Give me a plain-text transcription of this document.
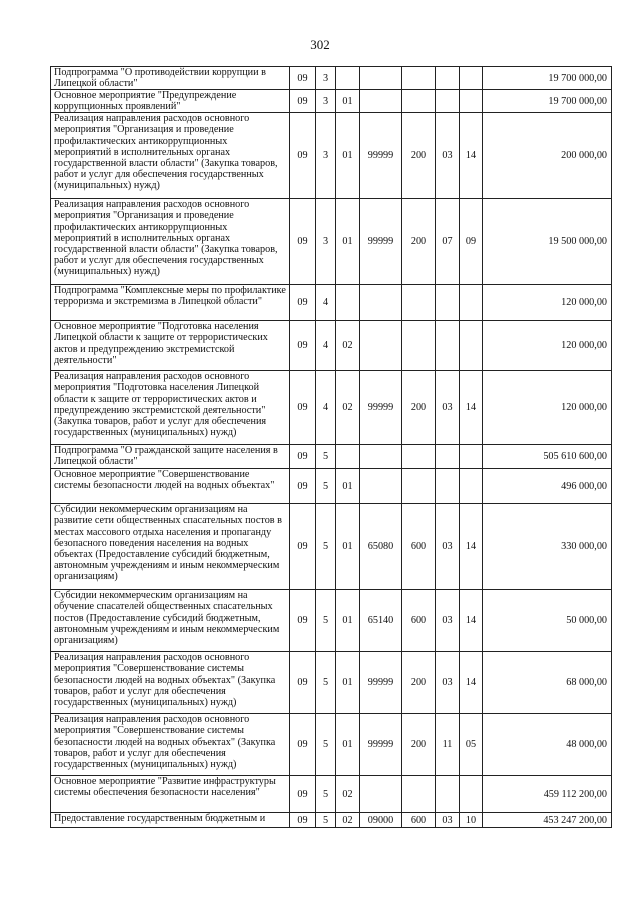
302
Подпрограмма "О противодействии коррупции в Липецкой области"	09	3						19 700 000,00
Основное мероприятие "Предупреждение коррупционных проявлений"	09	3	01					19 700 000,00
Реализация направления расходов основного мероприятия "Организация и проведение профилактических антикоррупционных мероприятий в исполнительных органах государственной власти области" (Закупка товаров, работ и услуг для обеспечения государственных (муниципальных) нужд)	09	3	01	99999	200	03	14	200 000,00
Реализация направления расходов основного мероприятия "Организация и проведение профилактических антикоррупционных мероприятий в исполнительных органах государственной власти области" (Закупка товаров, работ и услуг для обеспечения государственных (муниципальных) нужд)	09	3	01	99999	200	07	09	19 500 000,00
Подпрограмма "Комплексные меры по профилактике терроризма и экстремизма в Липецкой области"	09	4						120 000,00
Основное мероприятие "Подготовка населения Липецкой области к защите от террористических актов и предупреждению экстремистской деятельности"	09	4	02					120 000,00
Реализация направления расходов основного мероприятия "Подготовка населения Липецкой области к защите от террористических актов и предупреждению экстремистской деятельности" (Закупка товаров, работ и услуг для обеспечения государственных (муниципальных) нужд)	09	4	02	99999	200	03	14	120 000,00
Подпрограмма "О гражданской защите населения в Липецкой области"	09	5						505 610 600,00
Основное мероприятие "Совершенствование системы безопасности людей на водных объектах"	09	5	01					496 000,00
Субсидии некоммерческим организациям на развитие сети общественных спасательных постов в местах массового отдыха населения и пропаганду безопасного поведения населения на водных объектах (Предоставление субсидий бюджетным, автономным учреждениям и иным некоммерческим организациям)	09	5	01	65080	600	03	14	330 000,00
Субсидии некоммерческим организациям на обучение спасателей общественных спасательных постов (Предоставление субсидий бюджетным, автономным учреждениям и иным некоммерческим организациям)	09	5	01	65140	600	03	14	50 000,00
Реализация направления расходов основного мероприятия "Совершенствование системы безопасности людей на водных объектах" (Закупка товаров, работ и услуг для обеспечения государственных (муниципальных) нужд)	09	5	01	99999	200	03	14	68 000,00
Реализация направления расходов основного мероприятия "Совершенствование системы безопасности людей на водных объектах" (Закупка товаров, работ и услуг для обеспечения государственных (муниципальных) нужд)	09	5	01	99999	200	11	05	48 000,00
Основное мероприятие "Развитие инфраструктуры системы обеспечения безопасности населения"	09	5	02					459 112 200,00
Предоставление государственным бюджетным и	09	5	02	09000	600	03	10	453 247 200,00
